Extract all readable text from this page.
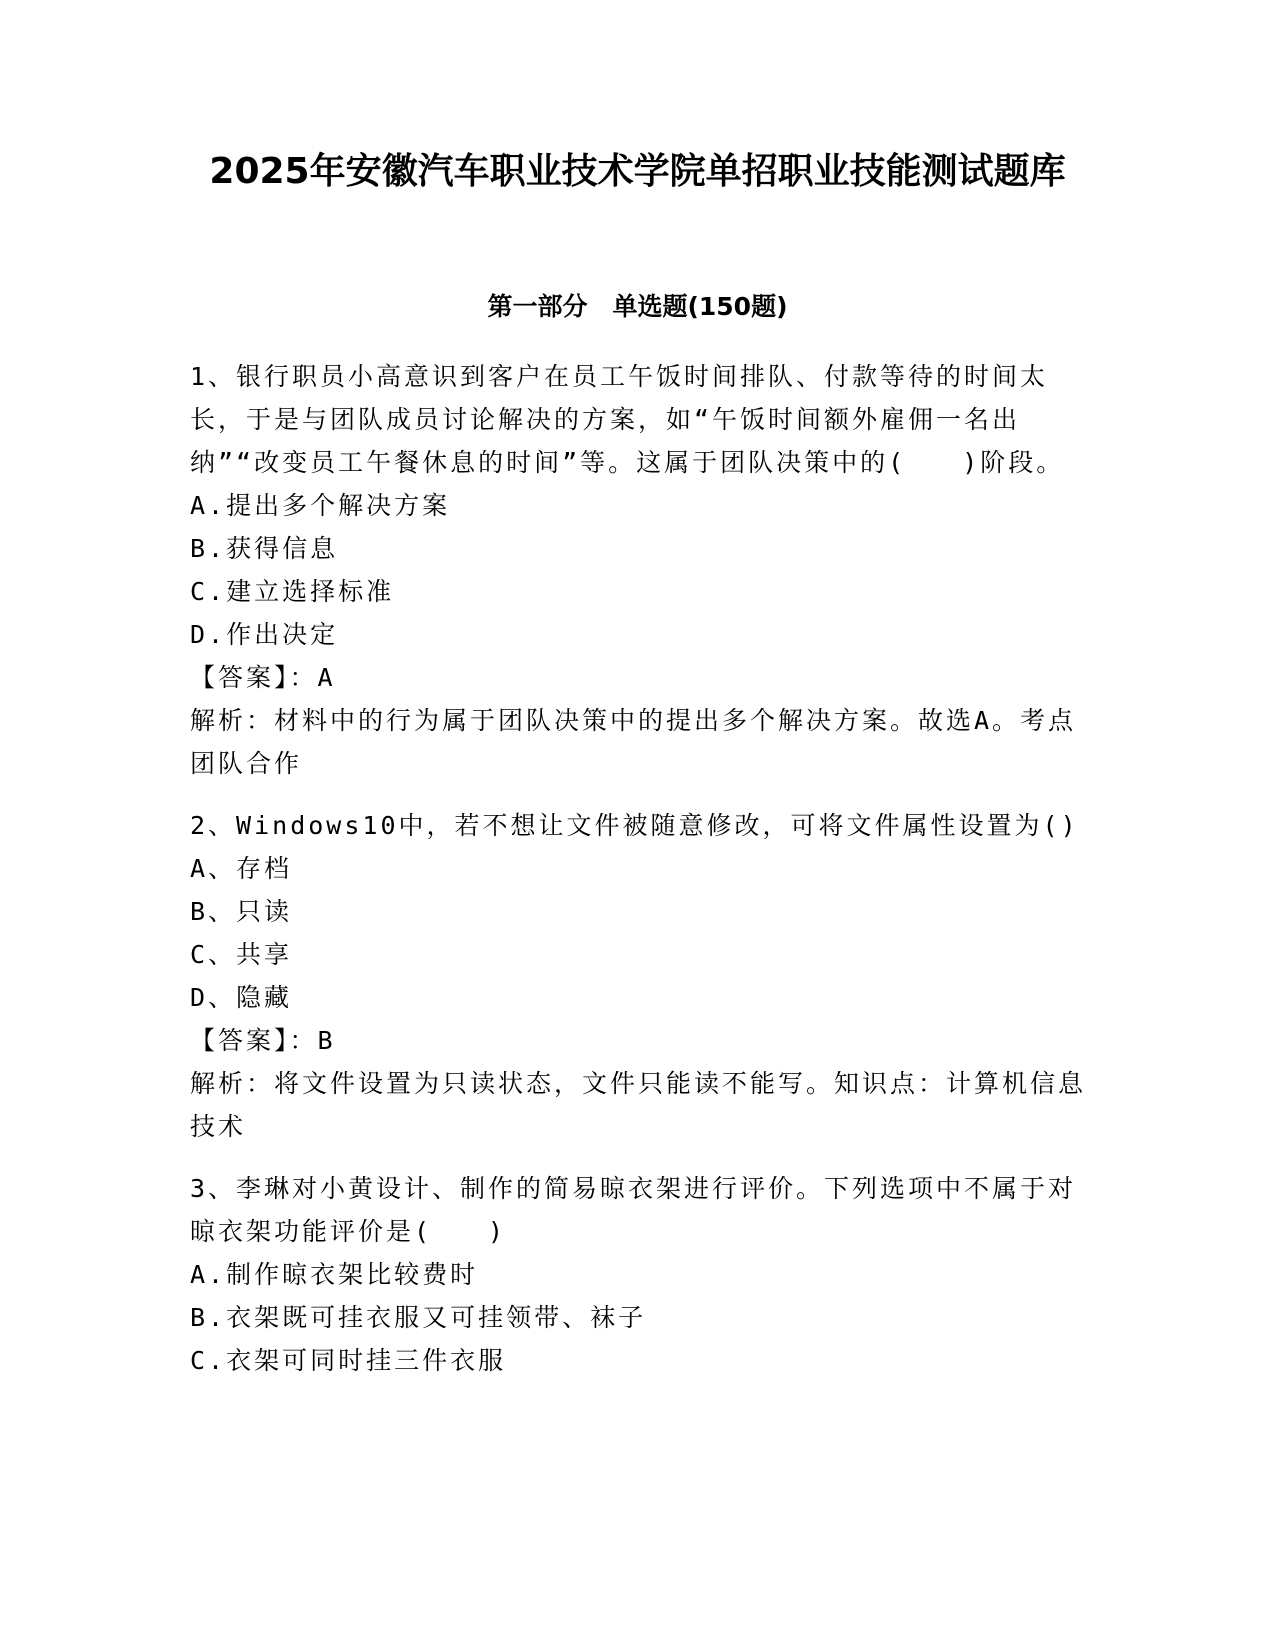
2025年安徽汽车职业技术学院单招职业技能测试题库
第一部分　单选题(150题)
1、银行职员小高意识到客户在员工午饭时间排队、付款等待的时间太长，于是与团队成员讨论解决的方案，如“午饭时间额外雇佣一名出纳”“改变员工午餐休息的时间”等。这属于团队决策中的(　　)阶段。
A.提出多个解决方案
B.获得信息
C.建立选择标准
D.作出决定
【答案】：A
解析：材料中的行为属于团队决策中的提出多个解决方案。故选A。考点团队合作
2、Windows10中，若不想让文件被随意修改，可将文件属性设置为()
A、存档
B、只读
C、共享
D、隐藏
【答案】：B
解析：将文件设置为只读状态，文件只能读不能写。知识点：计算机信息技术
3、李琳对小黄设计、制作的简易晾衣架进行评价。下列选项中不属于对晾衣架功能评价是(　　)
A.制作晾衣架比较费时
B.衣架既可挂衣服又可挂领带、袜子
C.衣架可同时挂三件衣服
